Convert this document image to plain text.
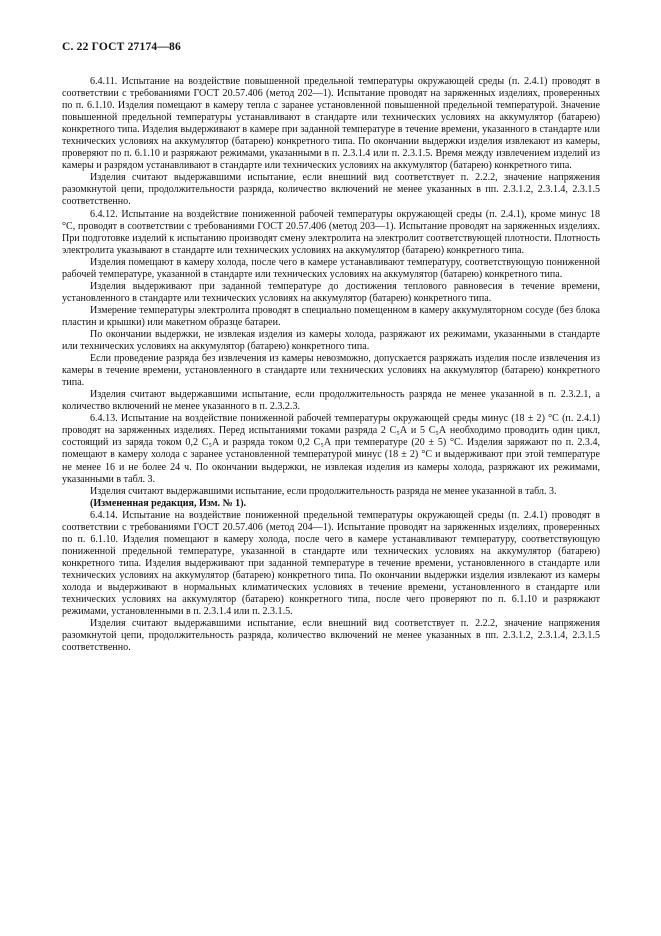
С. 22 ГОСТ 27174—86

6.4.11. Испытание на воздействие повышенной предельной температуры окружающей среды (п. 2.4.1) проводят в соответствии с требованиями ГОСТ 20.57.406 (метод 202—1). Испытание проводят на заряженных изделиях, проверенных по п. 6.1.10. Изделия помещают в камеру тепла с заранее установленной повышенной предельной температурой. Значение повышенной предельной температуры устанавливают в стандарте или технических условиях на аккумулятор (батарею) конкретного типа. Изделия выдерживают в камере при заданной температуре в течение времени, указанного в стандарте или технических условиях на аккумулятор (батарею) конкретного типа. По окончании выдержки изделия извлекают из камеры, проверяют по п. 6.1.10 и разряжают режимами, указанными в п. 2.3.1.4 или п. 2.3.1.5. Время между извлечением изделий из камеры и разрядом устанавливают в стандарте или технических условиях на аккумулятор (батарею) конкретного типа.

Изделия считают выдержавшими испытание, если внешний вид соответствует п. 2.2.2, значение напряжения разомкнутой цепи, продолжительности разряда, количество включений не менее указанных в пп. 2.3.1.2, 2.3.1.4, 2.3.1.5 соответственно.

6.4.12. Испытание на воздействие пониженной рабочей температуры окружающей среды (п. 2.4.1), кроме минус 18 °С, проводят в соответствии с требованиями ГОСТ 20.57.406 (метод 203—1). Испытание проводят на заряженных изделиях. При подготовке изделий к испытанию производят смену электролита на электролит соответствующей плотности. Плотность электролита указывают в стандарте или технических условиях на аккумулятор (батарею) конкретного типа.

Изделия помещают в камеру холода, после чего в камере устанавливают температуру, соответствующую пониженной рабочей температуре, указанной в стандарте или технических условиях на аккумулятор (батарею) конкретного типа.

Изделия выдерживают при заданной температуре до достижения теплового равновесия в течение времени, установленного в стандарте или технических условиях на аккумулятор (батарею) конкретного типа.

Измерение температуры электролита проводят в специально помещенном в камеру аккумуляторном сосуде (без блока пластин и крышки) или макетном образце батареи.

По окончании выдержки, не извлекая изделия из камеры холода, разряжают их режимами, указанными в стандарте или технических условиях на аккумулятор (батарею) конкретного типа.

Если проведение разряда без извлечения из камеры невозможно, допускается разряжать изделия после извлечения из камеры в течение времени, установленного в стандарте или технических условиях на аккумулятор (батарею) конкретного типа.

Изделия считают выдержавшими испытание, если продолжительность разряда не менее указанной в п. 2.3.2.1, а количество включений не менее указанного в п. 2.3.2.3.

6.4.13. Испытание на воздействие пониженной рабочей температуры окружающей среды минус (18 ± 2) °С (п. 2.4.1) проводят на заряженных изделиях. Перед испытаниями токами разряда 2 С₅А и 5 С₅А необходимо проводить один цикл, состоящий из заряда током 0,2 С₅А и разряда током 0,2 С₅А при температуре (20 ± 5) °С. Изделия заряжают по п. 2.3.4, помещают в камеру холода с заранее установленной температурой минус (18 ± 2) °С и выдерживают при этой температуре не менее 16 и не более 24 ч. По окончании выдержки, не извлекая изделия из камеры холода, разряжают их режимами, указанными в табл. 3.

Изделия считают выдержавшими испытание, если продолжительность разряда не менее указанной в табл. 3.

(Измененная редакция, Изм. № 1).

6.4.14. Испытание на воздействие пониженной предельной температуры окружающей среды (п. 2.4.1) проводят в соответствии с требованиями ГОСТ 20.57.406 (метод 204—1). Испытание проводят на заряженных изделиях, проверенных по п. 6.1.10. Изделия помещают в камеру холода, после чего в камере устанавливают температуру, соответствующую пониженной предельной температуре, указанной в стандарте или технических условиях на аккумулятор (батарею) конкретного типа. Изделия выдерживают при заданной температуре в течение времени, установленного в стандарте или технических условиях на аккумулятор (батарею) конкретного типа. По окончании выдержки изделия извлекают из камеры холода и выдерживают в нормальных климатических условиях в течение времени, установленного в стандарте или технических условиях на аккумулятор (батарею) конкретного типа, после чего проверяют по п. 6.1.10 и разряжают режимами, установленными в п. 2.3.1.4 или п. 2.3.1.5.

Изделия считают выдержавшими испытание, если внешний вид соответствует п. 2.2.2, значение напряжения разомкнутой цепи, продолжительность разряда, количество включений не менее указанных в пп. 2.3.1.2, 2.3.1.4, 2.3.1.5 соответственно.
